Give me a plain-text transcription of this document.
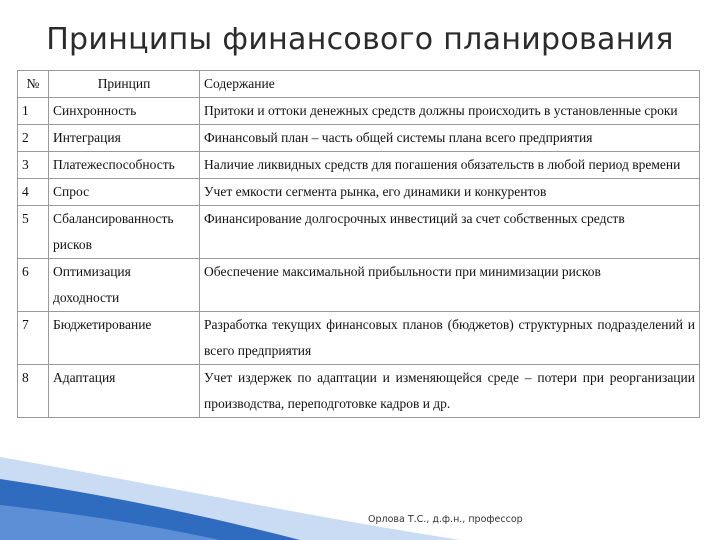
Принципы финансового планирования
№	Принцип	Содержание
1	Синхронность	Притоки и оттоки денежных средств должны происходить в установленные сроки
2	Интеграция	Финансовый план – часть общей системы плана всего предприятия
3	Платежеспособность	Наличие ликвидных средств для погашения обязательств в любой период времени
4	Спрос	Учет емкости сегмента рынка, его динамики и конкурентов
5	Сбалансированность рисков	Финансирование долгосрочных инвестиций за счет собственных средств
6	Оптимизация доходности	Обеспечение максимальной прибыльности при минимизации рисков
7	Бюджетирование	Разработка текущих финансовых планов (бюджетов) структурных подразделений и всего предприятия
8	Адаптация	Учет издержек по адаптации и изменяющейся среде – потери при реорганизации производства, переподготовке кадров и др.
Орлова Т.С., д.ф.н., профессор
